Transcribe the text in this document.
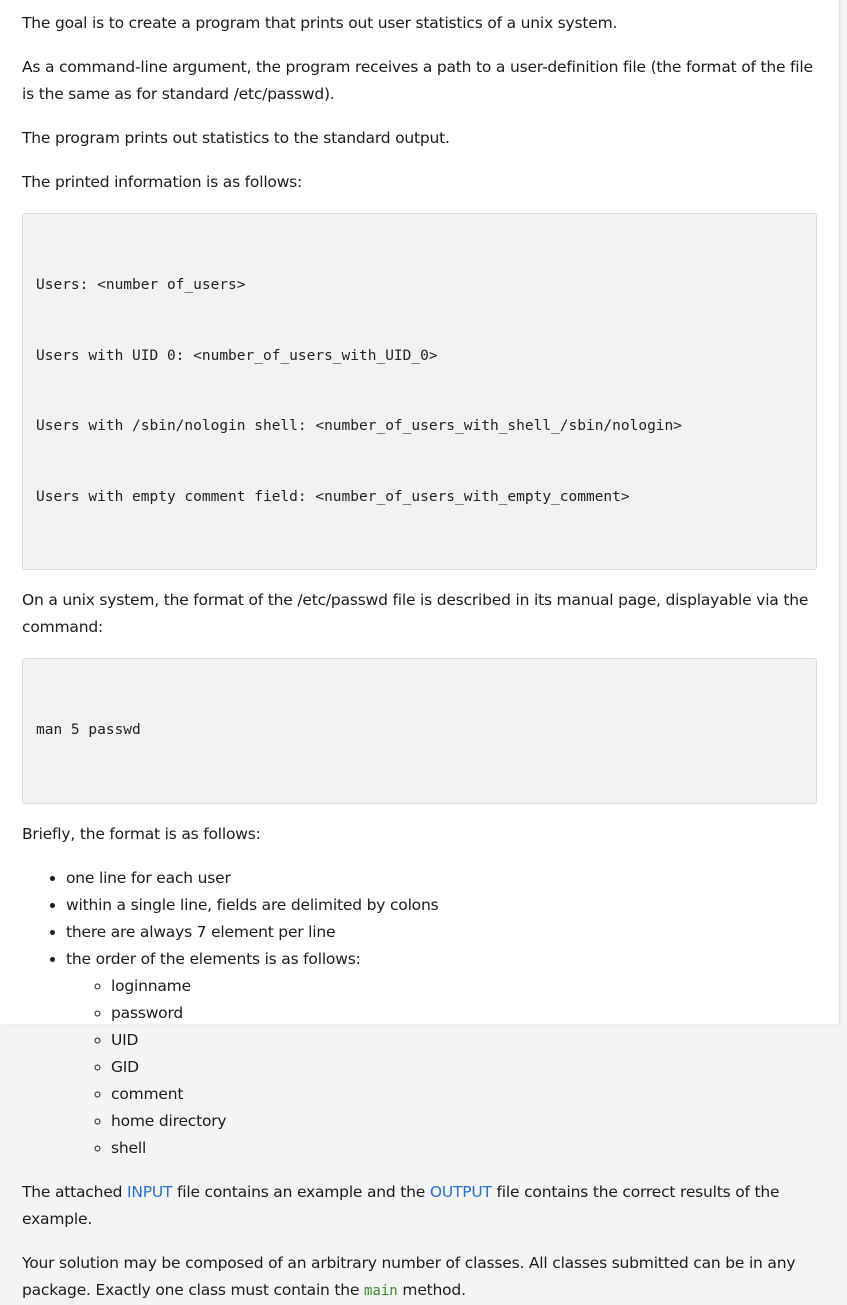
The goal is to create a program that prints out user statistics of a unix system.

As a command-line argument, the program receives a path to a user-definition file (the format of the file is the same as for standard /etc/passwd).

The program prints out statistics to the standard output.

The printed information is as follows:

Users: <number of_users>

Users with UID 0: <number_of_users_with_UID_0>

Users with /sbin/nologin shell: <number_of_users_with_shell_/sbin/nologin>

Users with empty comment field: <number_of_users_with_empty_comment>

On a unix system, the format of the /etc/passwd file is described in its manual page, displayable via the command:

man 5 passwd

Briefly, the format is as follows:

• one line for each user
• within a single line, fields are delimited by colons
• there are always 7 element per line
• the order of the elements is as follows:
◦ loginname
◦ password
◦ UID
◦ GID
◦ comment
◦ home directory
◦ shell

The attached INPUT file contains an example and the OUTPUT file contains the correct results of the example.

Your solution may be composed of an arbitrary number of classes. All classes submitted can be in any package. Exactly one class must contain the main method.
